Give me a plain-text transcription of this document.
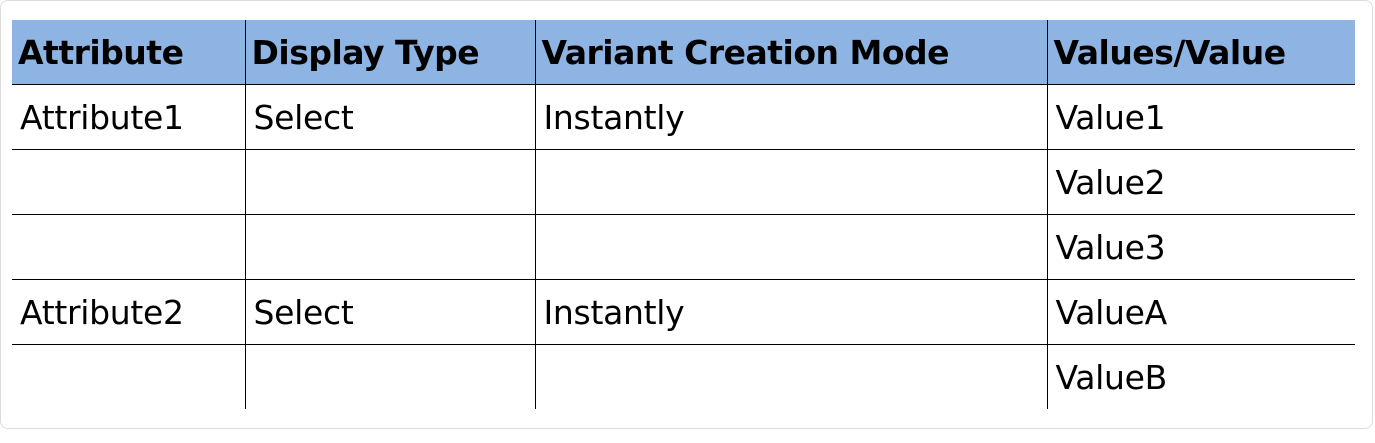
Attribute	Display Type	Variant Creation Mode	Values/Value
Attribute1	Select	Instantly	Value1
			Value2
			Value3
Attribute2	Select	Instantly	ValueA
			ValueB
